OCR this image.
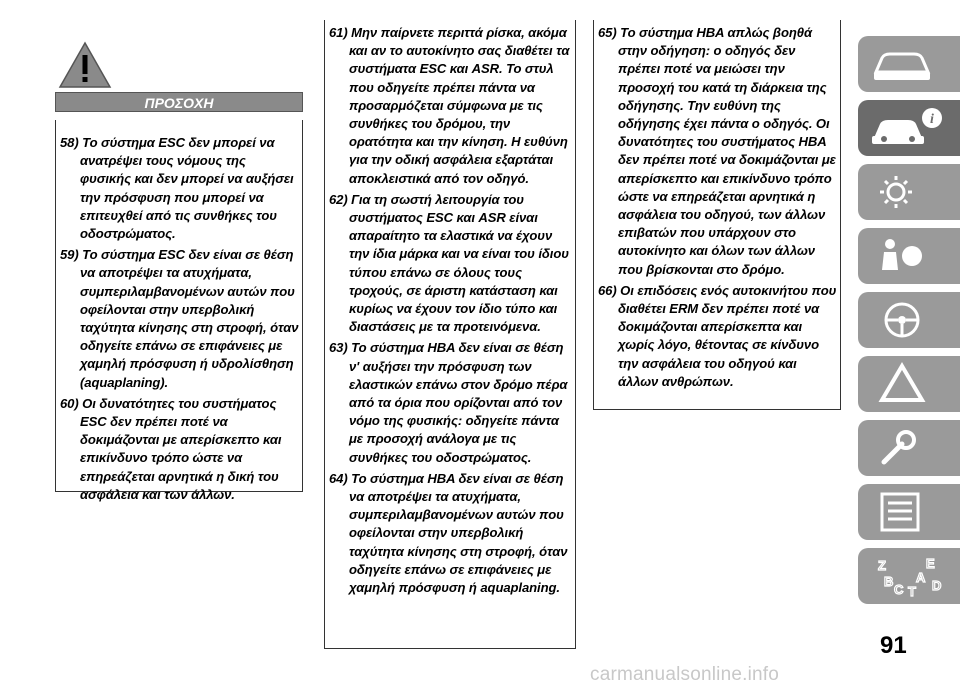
ΠΡΟΣΟΧΗ

58) Το σύστημα ESC δεν μπορεί να ανατρέψει τους νόμους της φυσικής και δεν μπορεί να αυξήσει την πρόσφυση που μπορεί να επιτευχθεί από τις συνθήκες του οδοστρώματος.

59) Το σύστημα ESC δεν είναι σε θέση να αποτρέψει τα ατυχήματα, συμπεριλαμβανομένων αυτών που οφείλονται στην υπερβολική ταχύτητα κίνησης στη στροφή, όταν οδηγείτε επάνω σε επιφάνειες με χαμηλή πρόσφυση ή υδρολίσθηση (aquaplaning).

60) Οι δυνατότητες του συστήματος ESC δεν πρέπει ποτέ να δοκιμάζονται με απερίσκεπτο και επικίνδυνο τρόπο ώστε να επηρεάζεται αρνητικά η δική του ασφάλεια και των άλλων.

61) Μην παίρνετε περιττά ρίσκα, ακόμα και αν το αυτοκίνητο σας διαθέτει τα συστήματα ESC και ASR. Το στυλ που οδηγείτε πρέπει πάντα να προσαρμόζεται σύμφωνα με τις συνθήκες του δρόμου, την ορατότητα και την κίνηση. Η ευθύνη για την οδική ασφάλεια εξαρτάται αποκλειστικά από τον οδηγό.

62) Για τη σωστή λειτουργία του συστήματος ESC και ASR είναι απαραίτητο τα ελαστικά να έχουν την ίδια μάρκα και να είναι του ίδιου τύπου επάνω σε όλους τους τροχούς, σε άριστη κατάσταση και κυρίως να έχουν τον ίδιο τύπο και διαστάσεις με τα προτεινόμενα.

63) Το σύστημα HBA δεν είναι σε θέση ν' αυξήσει την πρόσφυση των ελαστικών επάνω στον δρόμο πέρα από τα όρια που ορίζονται από τον νόμο της φυσικής: οδηγείτε πάντα με προσοχή ανάλογα με τις συνθήκες του οδοστρώματος.

64) Το σύστημα HBA δεν είναι σε θέση να αποτρέψει τα ατυχήματα, συμπεριλαμβανομένων αυτών που οφείλονται στην υπερβολική ταχύτητα κίνησης στη στροφή, όταν οδηγείτε επάνω σε επιφάνειες με χαμηλή πρόσφυση ή aquaplaning.

65) Το σύστημα HBA απλώς βοηθά στην οδήγηση: ο οδηγός δεν πρέπει ποτέ να μειώσει την προσοχή του κατά τη διάρκεια της οδήγησης. Την ευθύνη της οδήγησης έχει πάντα ο οδηγός. Οι δυνατότητες του συστήματος HBA δεν πρέπει ποτέ να δοκιμάζονται με απερίσκεπτο και επικίνδυνο τρόπο ώστε να επηρεάζεται αρνητικά η ασφάλεια του οδηγού, των άλλων επιβατών που υπάρχουν στο αυτοκίνητο και όλων των άλλων που βρίσκονται στο δρόμο.

66) Οι επιδόσεις ενός αυτοκινήτου που διαθέτει ERM δεν πρέπει ποτέ να δοκιμάζονται απερίσκεπτα και χωρίς λόγο, θέτοντας σε κίνδυνο την ασφάλεια του οδηγού και άλλων ανθρώπων.

i
Z	E
B A
C T D
91
carmanualsonline.info
